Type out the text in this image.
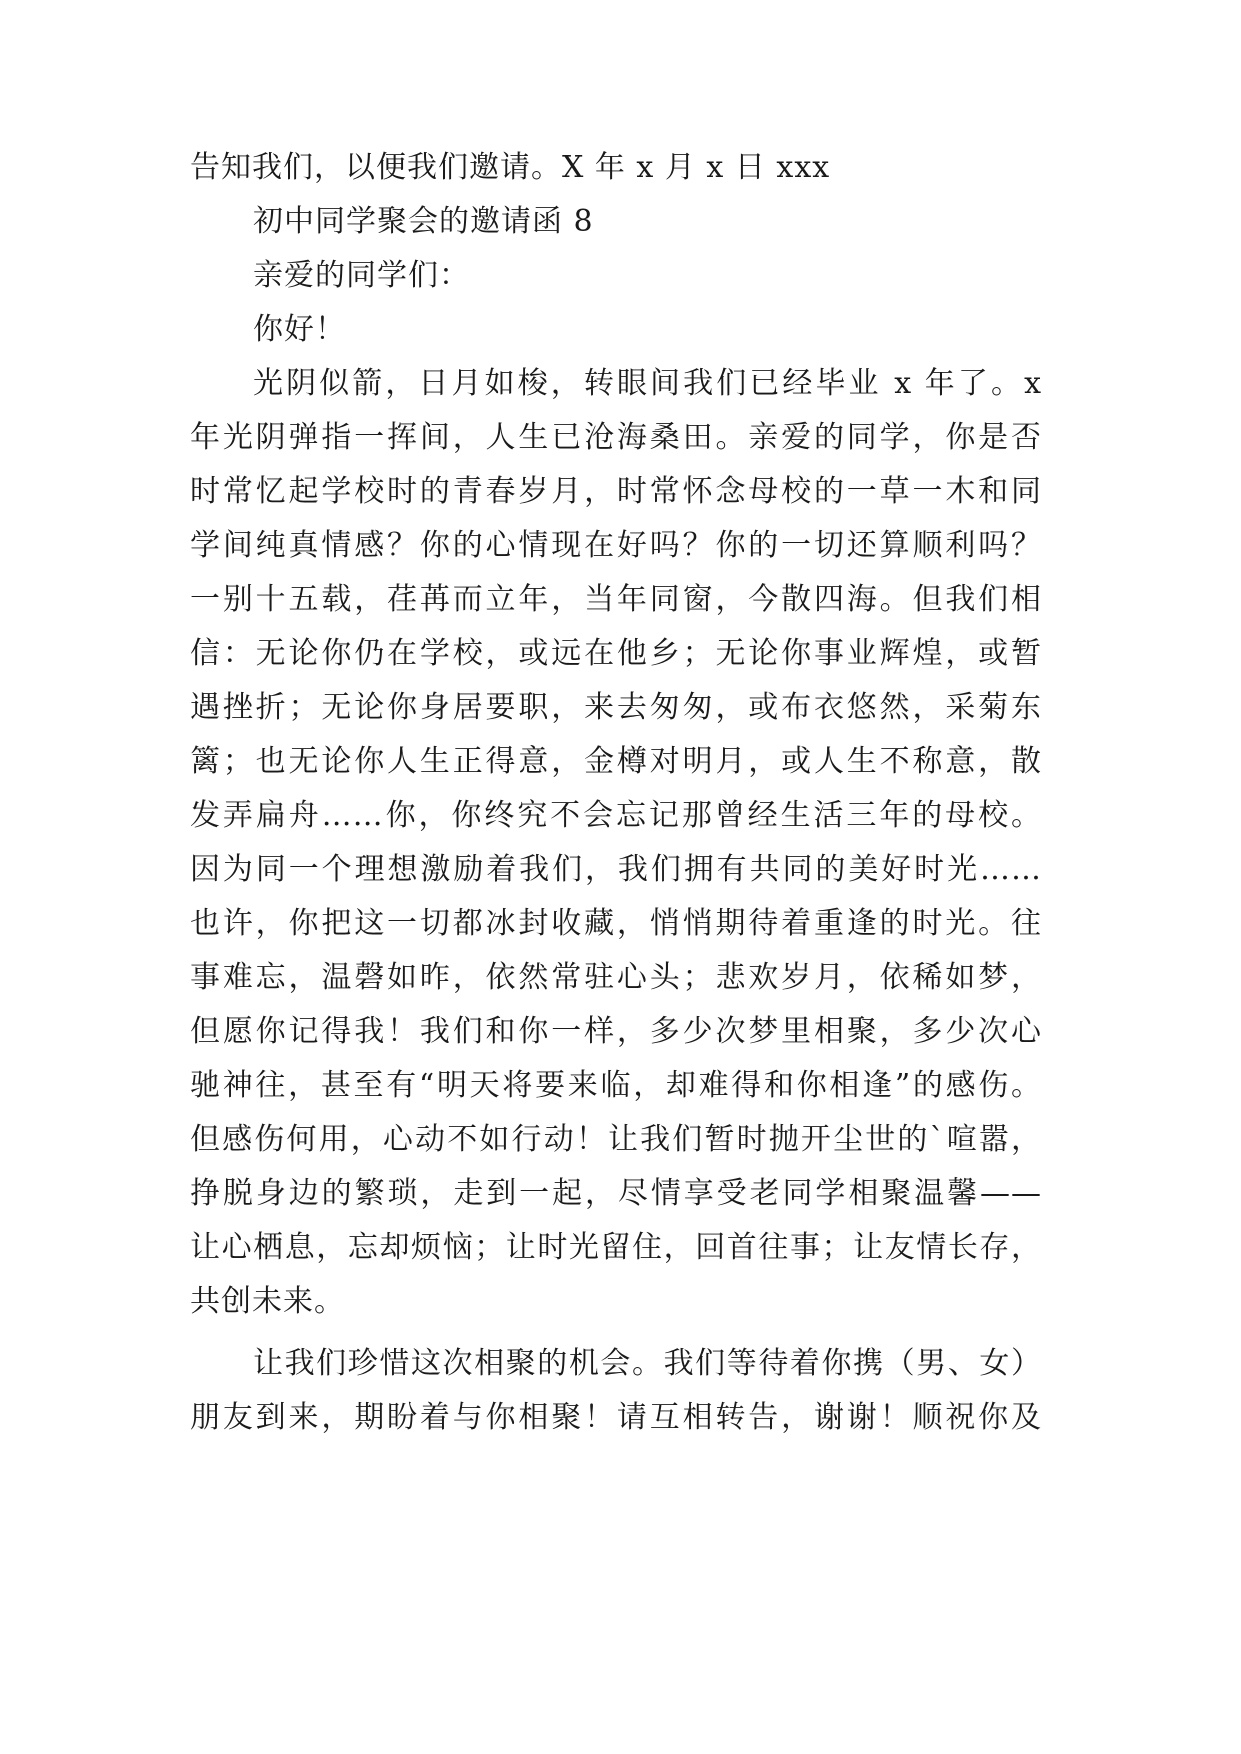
告知我们，以便我们邀请。X 年 x 月 x 日 xxx
初中同学聚会的邀请函 8
亲爱的同学们：
你好！
光阴似箭，日月如梭，转眼间我们已经毕业 x 年了。x
年光阴弹指一挥间，人生已沧海桑田。亲爱的同学，你是否
时常忆起学校时的青春岁月，时常怀念母校的一草一木和同
学间纯真情感？你的心情现在好吗？你的一切还算顺利吗？
一别十五载，荏苒而立年，当年同窗，今散四海。但我们相
信：无论你仍在学校，或远在他乡；无论你事业辉煌，或暂
遇挫折；无论你身居要职，来去匆匆，或布衣悠然，采菊东
篱；也无论你人生正得意，金樽对明月，或人生不称意，散
发弄扁舟……你，你终究不会忘记那曾经生活三年的母校。
因为同一个理想激励着我们，我们拥有共同的美好时光……
也许，你把这一切都冰封收藏，悄悄期待着重逢的时光。往
事难忘，温磬如昨，依然常驻心头；悲欢岁月，依稀如梦，
但愿你记得我！我们和你一样，多少次梦里相聚，多少次心
驰神往，甚至有“明天将要来临，却难得和你相逢”的感伤。
但感伤何用，心动不如行动！让我们暂时抛开尘世的`喧嚣，
挣脱身边的繁琐，走到一起，尽情享受老同学相聚温馨——
让心栖息，忘却烦恼；让时光留住，回首往事；让友情长存，
共创未来。
让我们珍惜这次相聚的机会。我们等待着你携（男、女）
朋友到来，期盼着与你相聚！请互相转告，谢谢！顺祝你及
